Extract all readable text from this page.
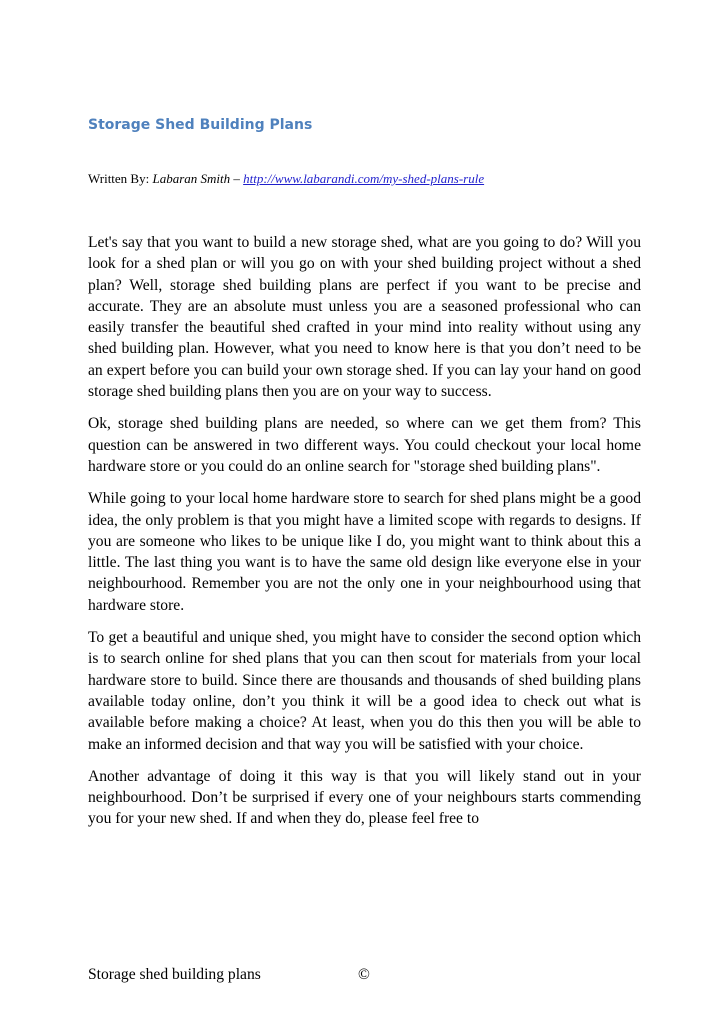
Storage Shed Building Plans
Written By: Labaran Smith – http://www.labarandi.com/my-shed-plans-rule

Let's say that you want to build a new storage shed, what are you going to do? Will you look for a shed plan or will you go on with your shed building project without a shed plan? Well, storage shed building plans are perfect if you want to be precise and accurate. They are an absolute must unless you are a seasoned professional who can easily transfer the beautiful shed crafted in your mind into reality without using any shed building plan. However, what you need to know here is that you don’t need to be an expert before you can build your own storage shed. If you can lay your hand on good storage shed building plans then you are on your way to success.

Ok, storage shed building plans are needed, so where can we get them from? This question can be answered in two different ways. You could checkout your local home hardware store or you could do an online search for "storage shed building plans".

While going to your local home hardware store to search for shed plans might be a good idea, the only problem is that you might have a limited scope with regards to designs. If you are someone who likes to be unique like I do, you might want to think about this a little. The last thing you want is to have the same old design like everyone else in your neighbourhood. Remember you are not the only one in your neighbourhood using that hardware store.

To get a beautiful and unique shed, you might have to consider the second option which is to search online for shed plans that you can then scout for materials from your local hardware store to build. Since there are thousands and thousands of shed building plans available today online, don’t you think it will be a good idea to check out what is available before making a choice? At least, when you do this then you will be able to make an informed decision and that way you will be satisfied with your choice.

Another advantage of doing it this way is that you will likely stand out in your neighbourhood. Don’t be surprised if every one of your neighbours starts commending you for your new shed. If and when they do, please feel free to

Storage shed building plans	©
